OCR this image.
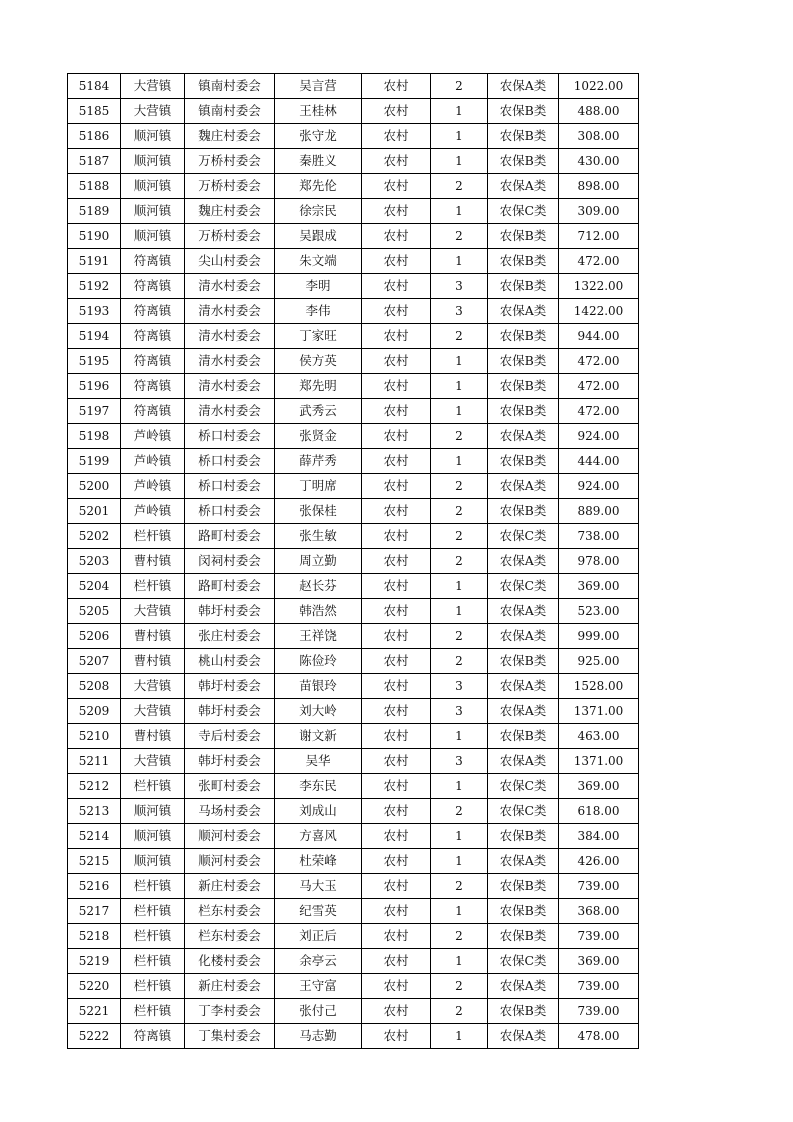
5184	大营镇	镇南村委会	吴言营	农村	2	农保A类	1022.00
5185	大营镇	镇南村委会	王桂林	农村	1	农保B类	488.00
5186	顺河镇	魏庄村委会	张守龙	农村	1	农保B类	308.00
5187	顺河镇	万桥村委会	秦胜义	农村	1	农保B类	430.00
5188	顺河镇	万桥村委会	郑先伦	农村	2	农保A类	898.00
5189	顺河镇	魏庄村委会	徐宗民	农村	1	农保C类	309.00
5190	顺河镇	万桥村委会	吴跟成	农村	2	农保B类	712.00
5191	符离镇	尖山村委会	朱文端	农村	1	农保B类	472.00
5192	符离镇	清水村委会	李明	农村	3	农保B类	1322.00
5193	符离镇	清水村委会	李伟	农村	3	农保A类	1422.00
5194	符离镇	清水村委会	丁家旺	农村	2	农保B类	944.00
5195	符离镇	清水村委会	侯方英	农村	1	农保B类	472.00
5196	符离镇	清水村委会	郑先明	农村	1	农保B类	472.00
5197	符离镇	清水村委会	武秀云	农村	1	农保B类	472.00
5198	芦岭镇	桥口村委会	张贤金	农村	2	农保A类	924.00
5199	芦岭镇	桥口村委会	薛芹秀	农村	1	农保B类	444.00
5200	芦岭镇	桥口村委会	丁明席	农村	2	农保A类	924.00
5201	芦岭镇	桥口村委会	张保桂	农村	2	农保B类	889.00
5202	栏杆镇	路町村委会	张生敏	农村	2	农保C类	738.00
5203	曹村镇	闵祠村委会	周立勤	农村	2	农保A类	978.00
5204	栏杆镇	路町村委会	赵长芬	农村	1	农保C类	369.00
5205	大营镇	韩圩村委会	韩浩然	农村	1	农保A类	523.00
5206	曹村镇	张庄村委会	王祥饶	农村	2	农保A类	999.00
5207	曹村镇	桃山村委会	陈俭玲	农村	2	农保B类	925.00
5208	大营镇	韩圩村委会	苗银玲	农村	3	农保A类	1528.00
5209	大营镇	韩圩村委会	刘大岭	农村	3	农保A类	1371.00
5210	曹村镇	寺后村委会	谢文新	农村	1	农保B类	463.00
5211	大营镇	韩圩村委会	吴华	农村	3	农保A类	1371.00
5212	栏杆镇	张町村委会	李东民	农村	1	农保C类	369.00
5213	顺河镇	马场村委会	刘成山	农村	2	农保C类	618.00
5214	顺河镇	顺河村委会	方喜风	农村	1	农保B类	384.00
5215	顺河镇	顺河村委会	杜荣峰	农村	1	农保A类	426.00
5216	栏杆镇	新庄村委会	马大玉	农村	2	农保B类	739.00
5217	栏杆镇	栏东村委会	纪雪英	农村	1	农保B类	368.00
5218	栏杆镇	栏东村委会	刘正后	农村	2	农保B类	739.00
5219	栏杆镇	化楼村委会	余亭云	农村	1	农保C类	369.00
5220	栏杆镇	新庄村委会	王守富	农村	2	农保A类	739.00
5221	栏杆镇	丁李村委会	张付己	农村	2	农保B类	739.00
5222	符离镇	丁集村委会	马志勤	农村	1	农保A类	478.00
